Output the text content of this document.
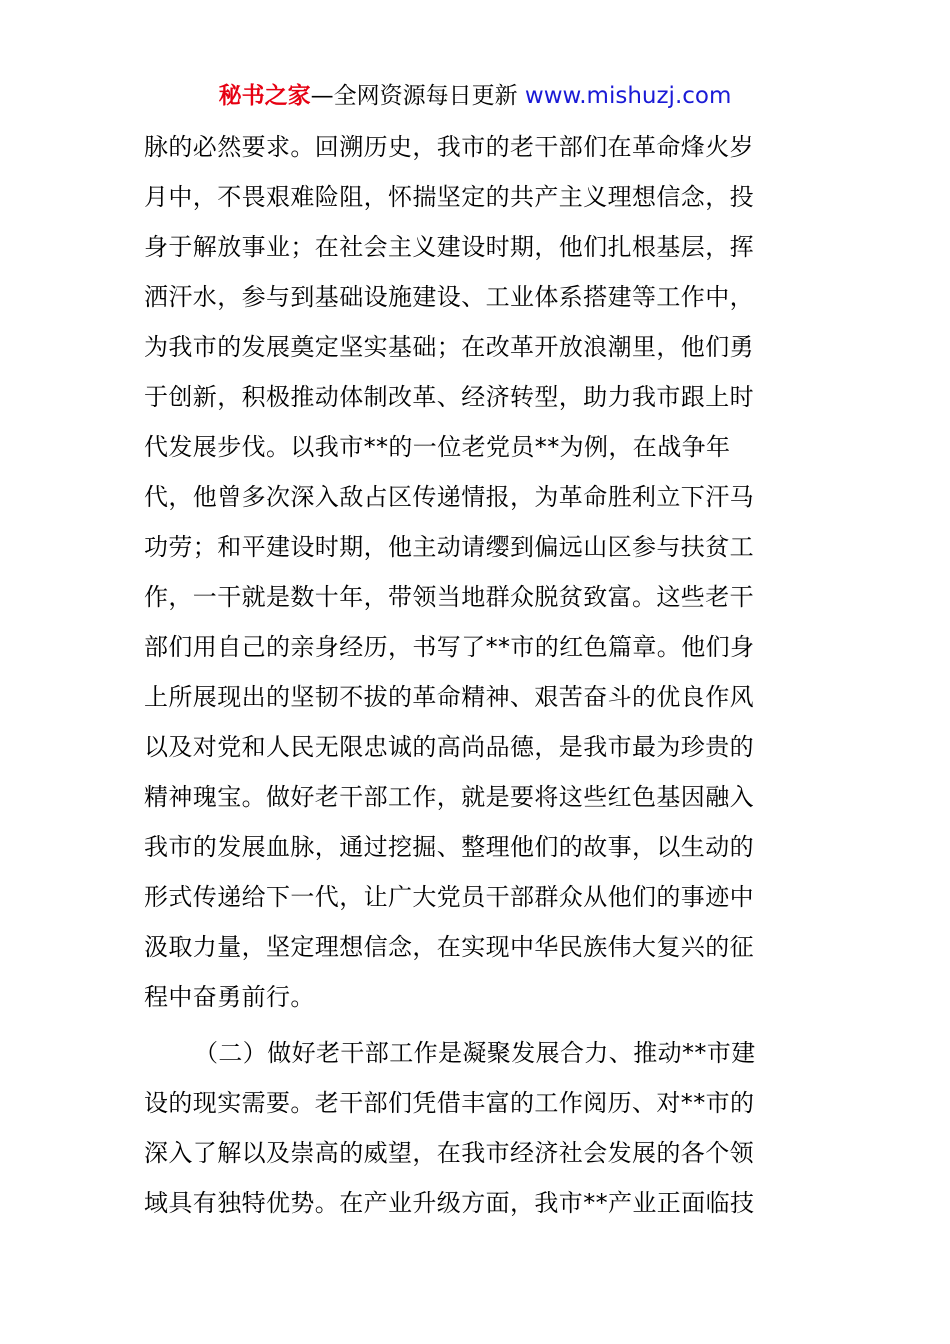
秘书之家—全网资源每日更新 www.mishuzj.com
脉的必然要求。回溯历史，我市的老干部们在革命烽火岁
月中，不畏艰难险阻，怀揣坚定的共产主义理想信念，投
身于解放事业；在社会主义建设时期，他们扎根基层，挥
洒汗水，参与到基础设施建设、工业体系搭建等工作中，
为我市的发展奠定坚实基础；在改革开放浪潮里，他们勇
于创新，积极推动体制改革、经济转型，助力我市跟上时
代发展步伐。以我市**的一位老党员**为例，在战争年
代，他曾多次深入敌占区传递情报，为革命胜利立下汗马
功劳；和平建设时期，他主动请缨到偏远山区参与扶贫工
作，一干就是数十年，带领当地群众脱贫致富。这些老干
部们用自己的亲身经历，书写了**市的红色篇章。他们身
上所展现出的坚韧不拔的革命精神、艰苦奋斗的优良作风
以及对党和人民无限忠诚的高尚品德，是我市最为珍贵的
精神瑰宝。做好老干部工作，就是要将这些红色基因融入
我市的发展血脉，通过挖掘、整理他们的故事，以生动的
形式传递给下一代，让广大党员干部群众从他们的事迹中
汲取力量，坚定理想信念，在实现中华民族伟大复兴的征
程中奋勇前行。
（二）做好老干部工作是凝聚发展合力、推动**市建
设的现实需要。老干部们凭借丰富的工作阅历、对**市的
深入了解以及崇高的威望，在我市经济社会发展的各个领
域具有独特优势。在产业升级方面，我市**产业正面临技
